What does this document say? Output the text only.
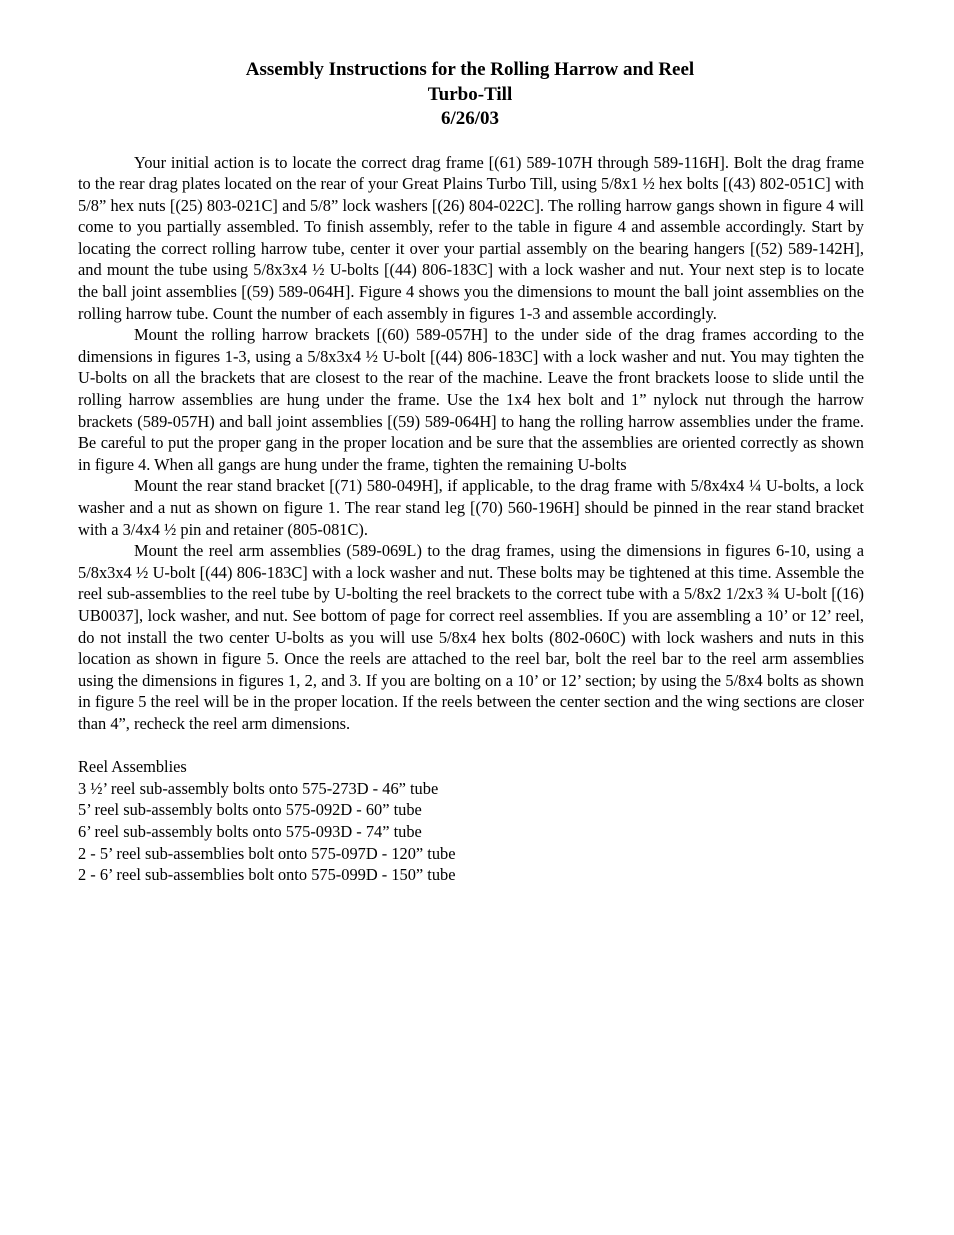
Assembly Instructions for the Rolling Harrow and Reel
Turbo-Till
6/26/03

Your initial action is to locate the correct drag frame [(61) 589-107H through 589-116H]. Bolt the drag frame to the rear drag plates located on the rear of your Great Plains Turbo Till, using 5/8x1 ½ hex bolts [(43) 802-051C] with 5/8” hex nuts [(25) 803-021C] and 5/8” lock washers [(26) 804-022C]. The rolling harrow gangs shown in figure 4 will come to you partially assembled. To finish assembly, refer to the table in figure 4 and assemble accordingly. Start by locating the correct rolling harrow tube, center it over your partial assembly on the bearing hangers [(52) 589-142H], and mount the tube using 5/8x3x4 ½ U-bolts [(44) 806-183C] with a lock washer and nut. Your next step is to locate the ball joint assemblies [(59) 589-064H]. Figure 4 shows you the dimensions to mount the ball joint assemblies on the rolling harrow tube. Count the number of each assembly in figures 1-3 and assemble accordingly.

Mount the rolling harrow brackets [(60) 589-057H] to the under side of the drag frames according to the dimensions in figures 1-3, using a 5/8x3x4 ½ U-bolt [(44) 806-183C] with a lock washer and nut. You may tighten the U-bolts on all the brackets that are closest to the rear of the machine. Leave the front brackets loose to slide until the rolling harrow assemblies are hung under the frame. Use the 1x4 hex bolt and 1” nylock nut through the harrow brackets (589-057H) and ball joint assemblies [(59) 589-064H] to hang the rolling harrow assemblies under the frame. Be careful to put the proper gang in the proper location and be sure that the assemblies are oriented correctly as shown in figure 4. When all gangs are hung under the frame, tighten the remaining U-bolts

Mount the rear stand bracket [(71) 580-049H], if applicable, to the drag frame with 5/8x4x4 ¼ U-bolts, a lock washer and a nut as shown on figure 1. The rear stand leg [(70) 560-196H] should be pinned in the rear stand bracket with a 3/4x4 ½ pin and retainer (805-081C).

Mount the reel arm assemblies (589-069L) to the drag frames, using the dimensions in figures 6-10, using a 5/8x3x4 ½ U-bolt [(44) 806-183C] with a lock washer and nut. These bolts may be tightened at this time. Assemble the reel sub-assemblies to the reel tube by U-bolting the reel brackets to the correct tube with a 5/8x2 1/2x3 ¾ U-bolt [(16) UB0037], lock washer, and nut. See bottom of page for correct reel assemblies. If you are assembling a 10’ or 12’ reel, do not install the two center U-bolts as you will use 5/8x4 hex bolts (802-060C) with lock washers and nuts in this location as shown in figure 5. Once the reels are attached to the reel bar, bolt the reel bar to the reel arm assemblies using the dimensions in figures 1, 2, and 3. If you are bolting on a 10’ or 12’ section; by using the 5/8x4 bolts as shown in figure 5 the reel will be in the proper location. If the reels between the center section and the wing sections are closer than 4”, recheck the reel arm dimensions.

Reel Assemblies
3 ½’ reel sub-assembly bolts onto 575-273D - 46” tube
5’ reel sub-assembly bolts onto 575-092D - 60” tube
6’ reel sub-assembly bolts onto 575-093D - 74” tube
2 - 5’ reel sub-assemblies bolt onto 575-097D - 120” tube
2 - 6’ reel sub-assemblies bolt onto 575-099D - 150” tube
